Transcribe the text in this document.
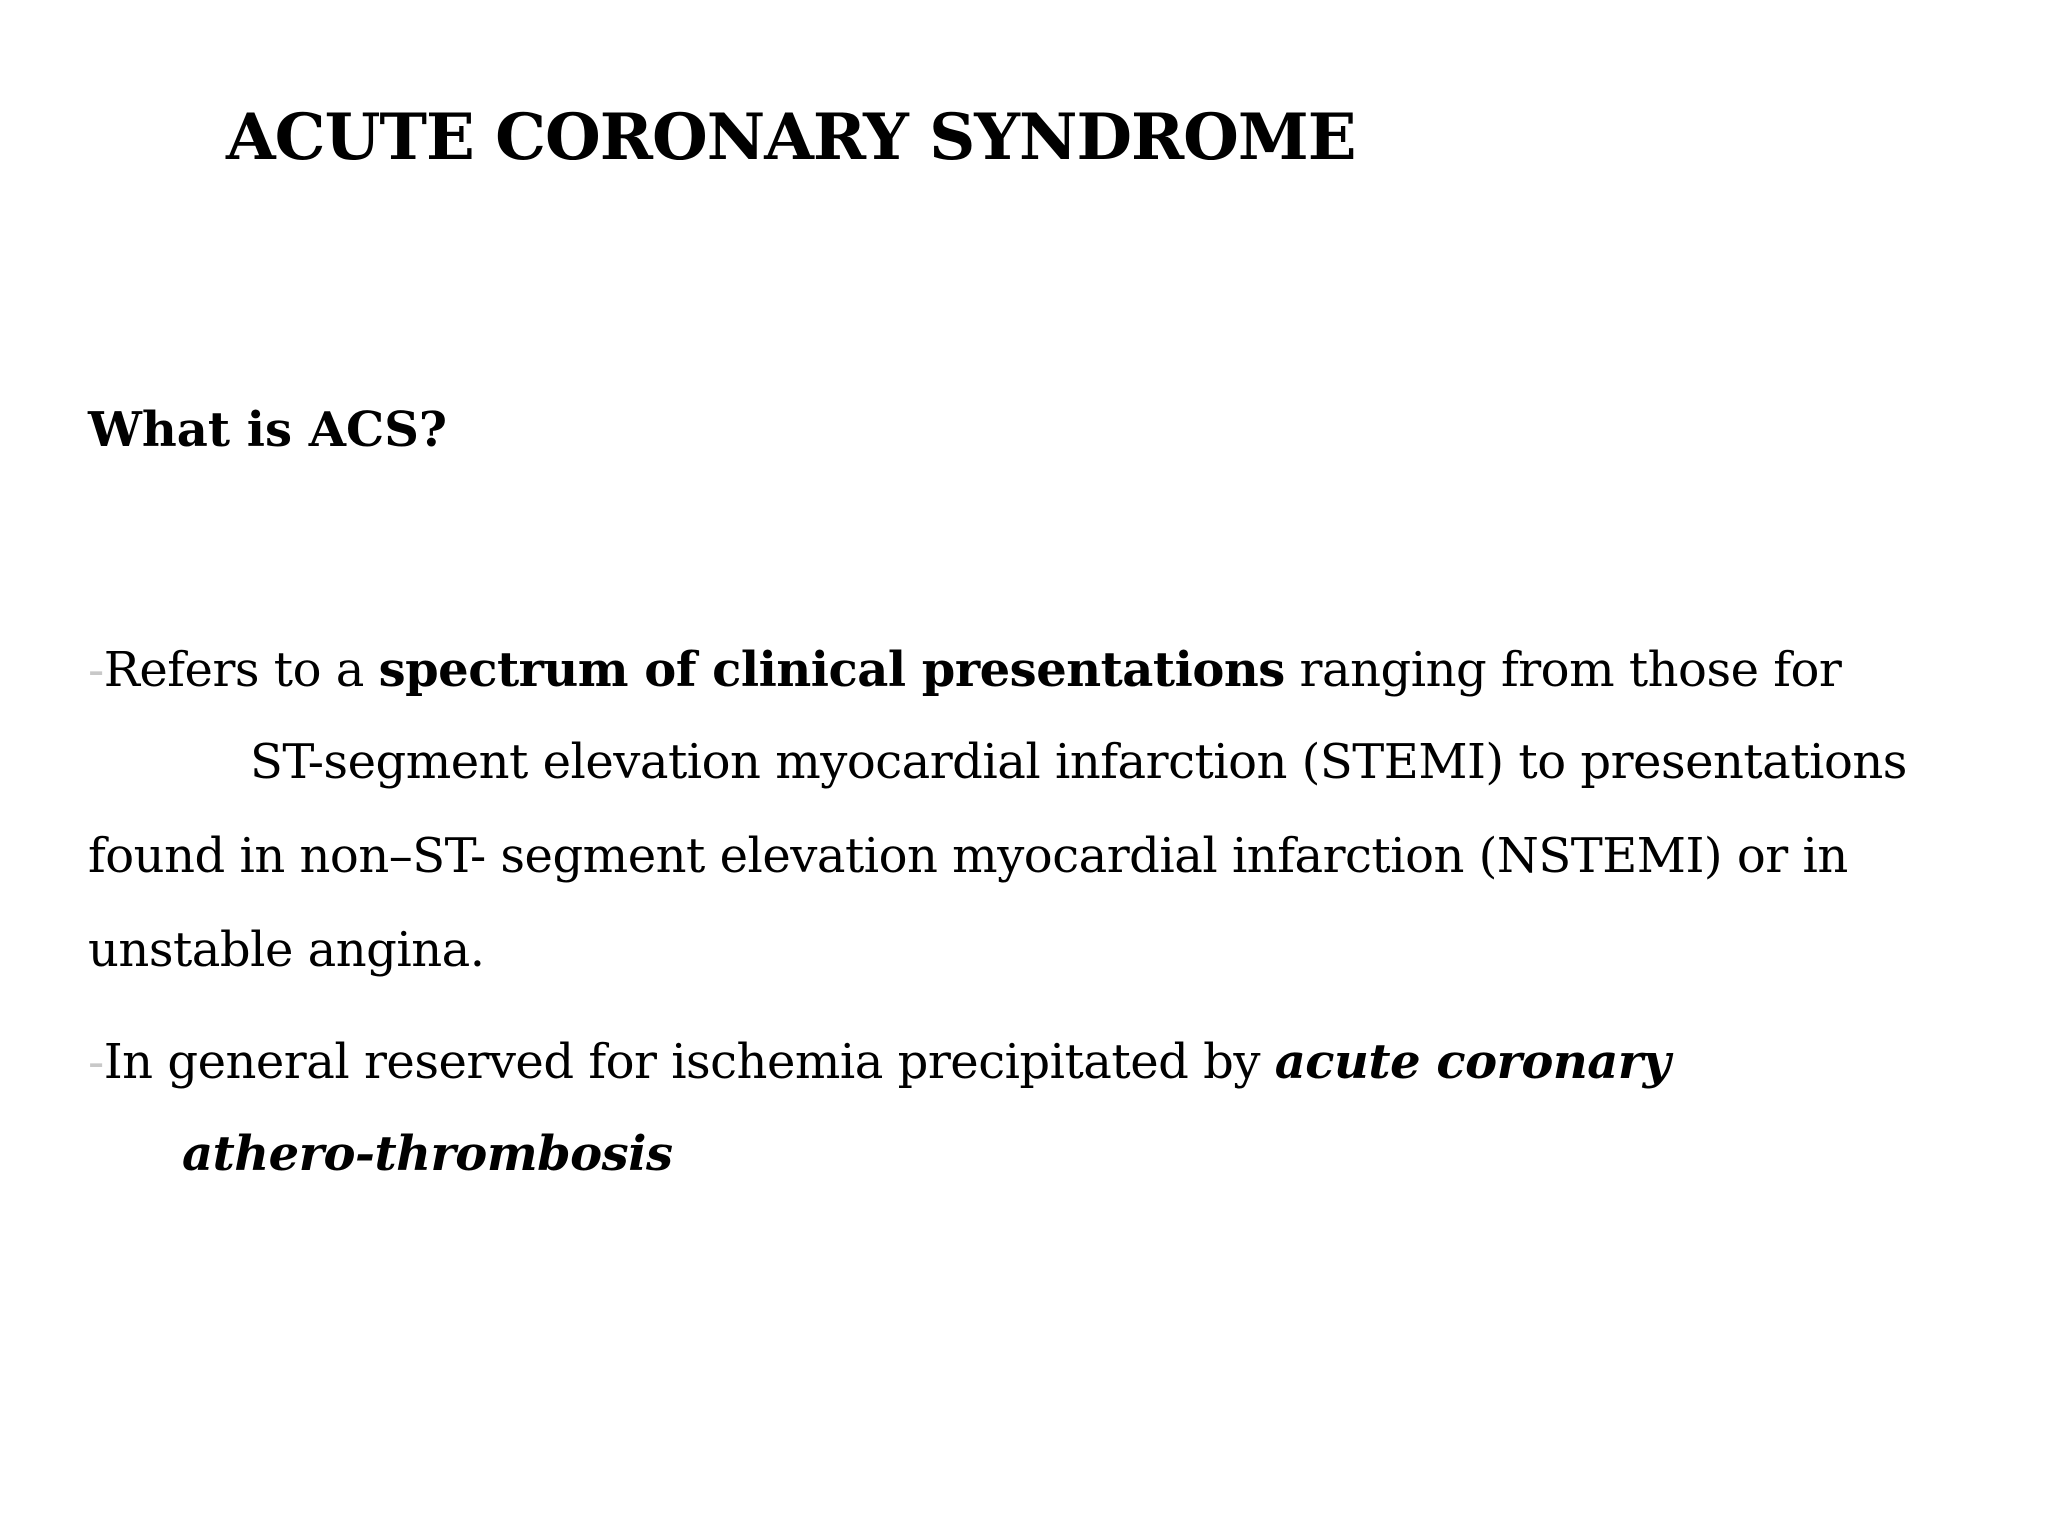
ACUTE CORONARY SYNDROME
What is ACS?

-Refers to a spectrum of clinical presentations ranging from those for

ST-segment elevation myocardial infarction (STEMI) to presentations

found in non–ST- segment elevation myocardial infarction (NSTEMI) or in

unstable angina.

-In general reserved for ischemia precipitated by acute coronary

athero-thrombosis
